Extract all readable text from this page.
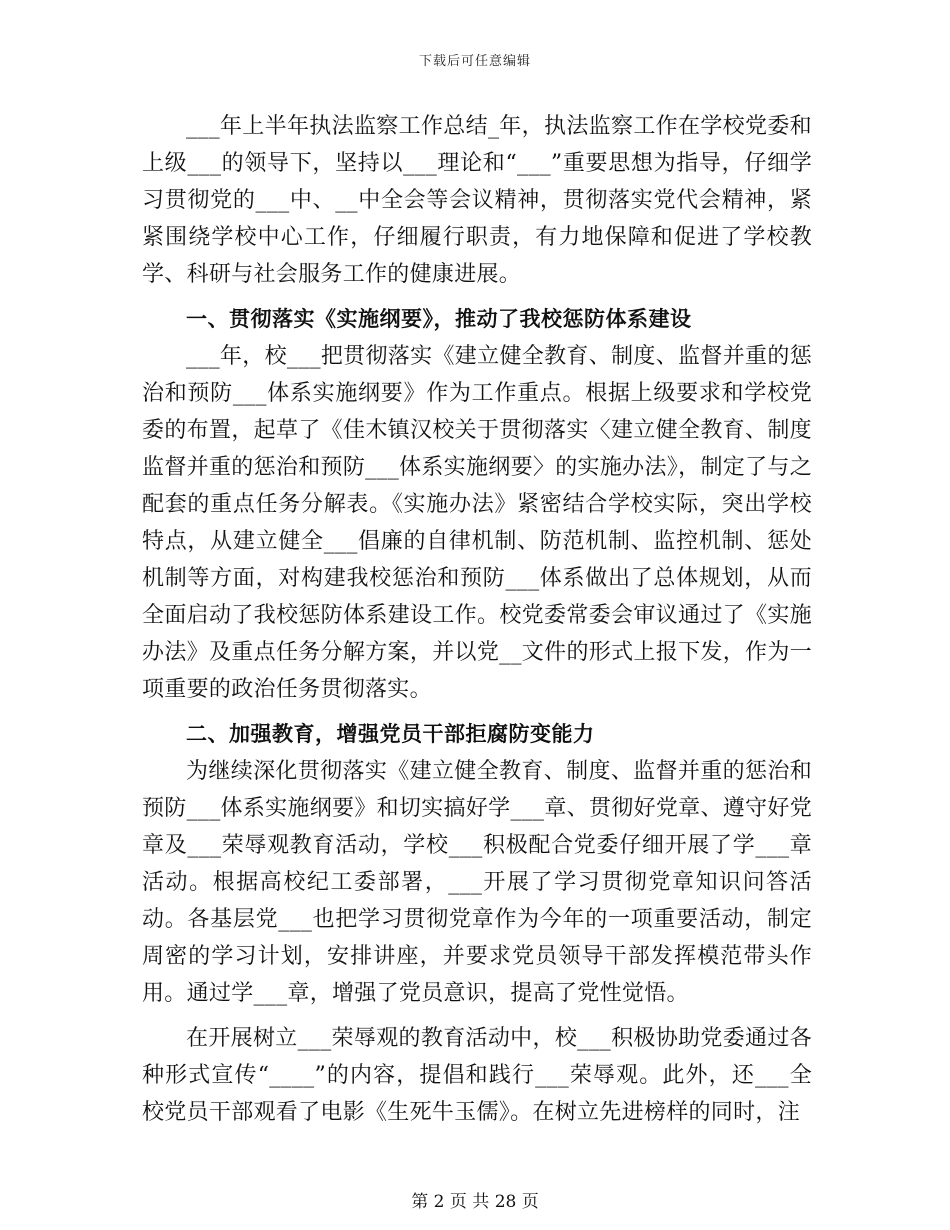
下载后可任意编辑

___年上半年执法监察工作总结_年，执法监察工作在学校党委和上级___的领导下，坚持以___理论和“___”重要思想为指导，仔细学习贯彻党的___中、__中全会等会议精神，贯彻落实党代会精神，紧紧围绕学校中心工作，仔细履行职责，有力地保障和促进了学校教学、科研与社会服务工作的健康进展。

一、贯彻落实《实施纲要》，推动了我校惩防体系建设

___年，校___把贯彻落实《建立健全教育、制度、监督并重的惩治和预防___体系实施纲要》作为工作重点。根据上级要求和学校党委的布置，起草了《佳木镇汉校关于贯彻落实〈建立健全教育、制度监督并重的惩治和预防___体系实施纲要〉的实施办法》，制定了与之配套的重点任务分解表。《实施办法》紧密结合学校实际，突出学校特点，从建立健全___倡廉的自律机制、防范机制、监控机制、惩处机制等方面，对构建我校惩治和预防___体系做出了总体规划，从而全面启动了我校惩防体系建设工作。校党委常委会审议通过了《实施办法》及重点任务分解方案，并以党__文件的形式上报下发，作为一项重要的政治任务贯彻落实。

二、加强教育，增强党员干部拒腐防变能力

为继续深化贯彻落实《建立健全教育、制度、监督并重的惩治和预防___体系实施纲要》和切实搞好学___章、贯彻好党章、遵守好党章及___荣辱观教育活动，学校___积极配合党委仔细开展了学___章活动。根据高校纪工委部署，___开展了学习贯彻党章知识问答活动。各基层党___也把学习贯彻党章作为今年的一项重要活动，制定周密的学习计划，安排讲座，并要求党员领导干部发挥模范带头作用。通过学___章，增强了党员意识，提高了党性觉悟。

在开展树立___荣辱观的教育活动中，校___积极协助党委通过各种形式宣传“____”的内容，提倡和践行___荣辱观。此外，还___全校党员干部观看了电影《生死牛玉儒》。在树立先进榜样的同时，注

第 2 页 共 28 页
